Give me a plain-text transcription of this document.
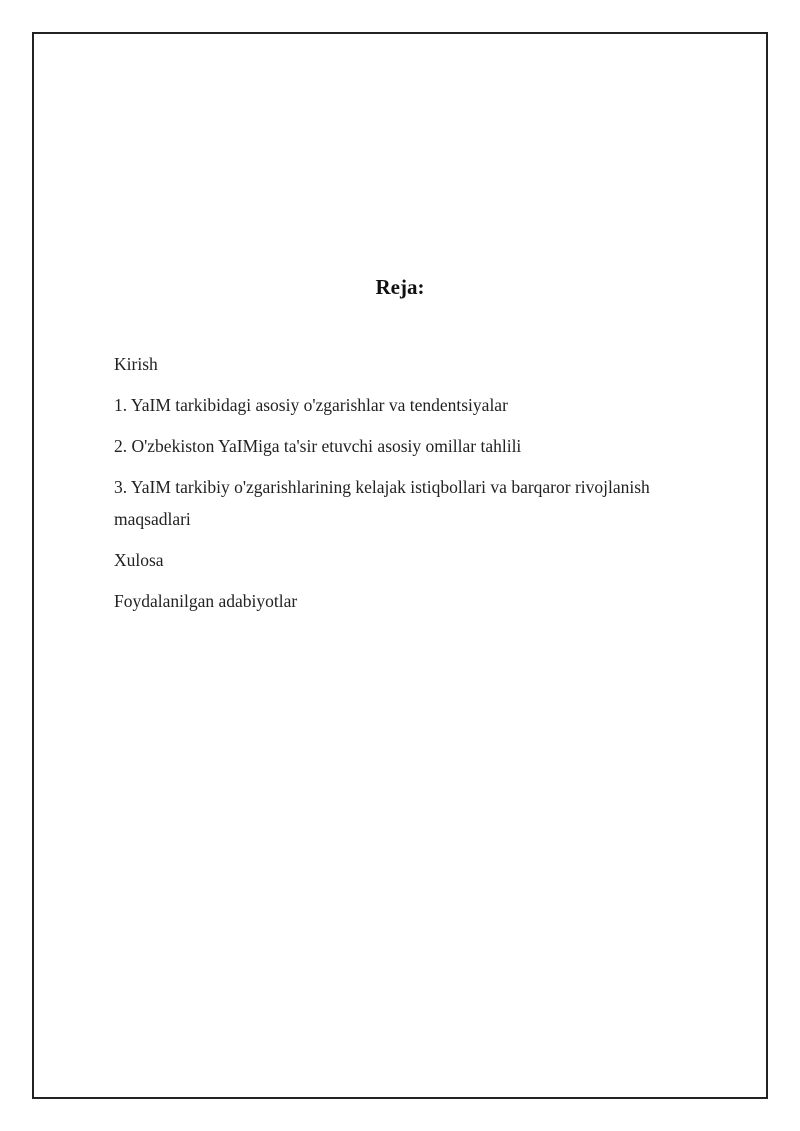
Reja:

Kirish

1. YaIM tarkibidagi asosiy o'zgarishlar va tendentsiyalar

2. O'zbekiston YaIMiga ta'sir etuvchi asosiy omillar tahlili

3. YaIM tarkibiy o'zgarishlarining kelajak istiqbollari va barqaror rivojlanish maqsadlari

Xulosa

Foydalanilgan adabiyotlar
